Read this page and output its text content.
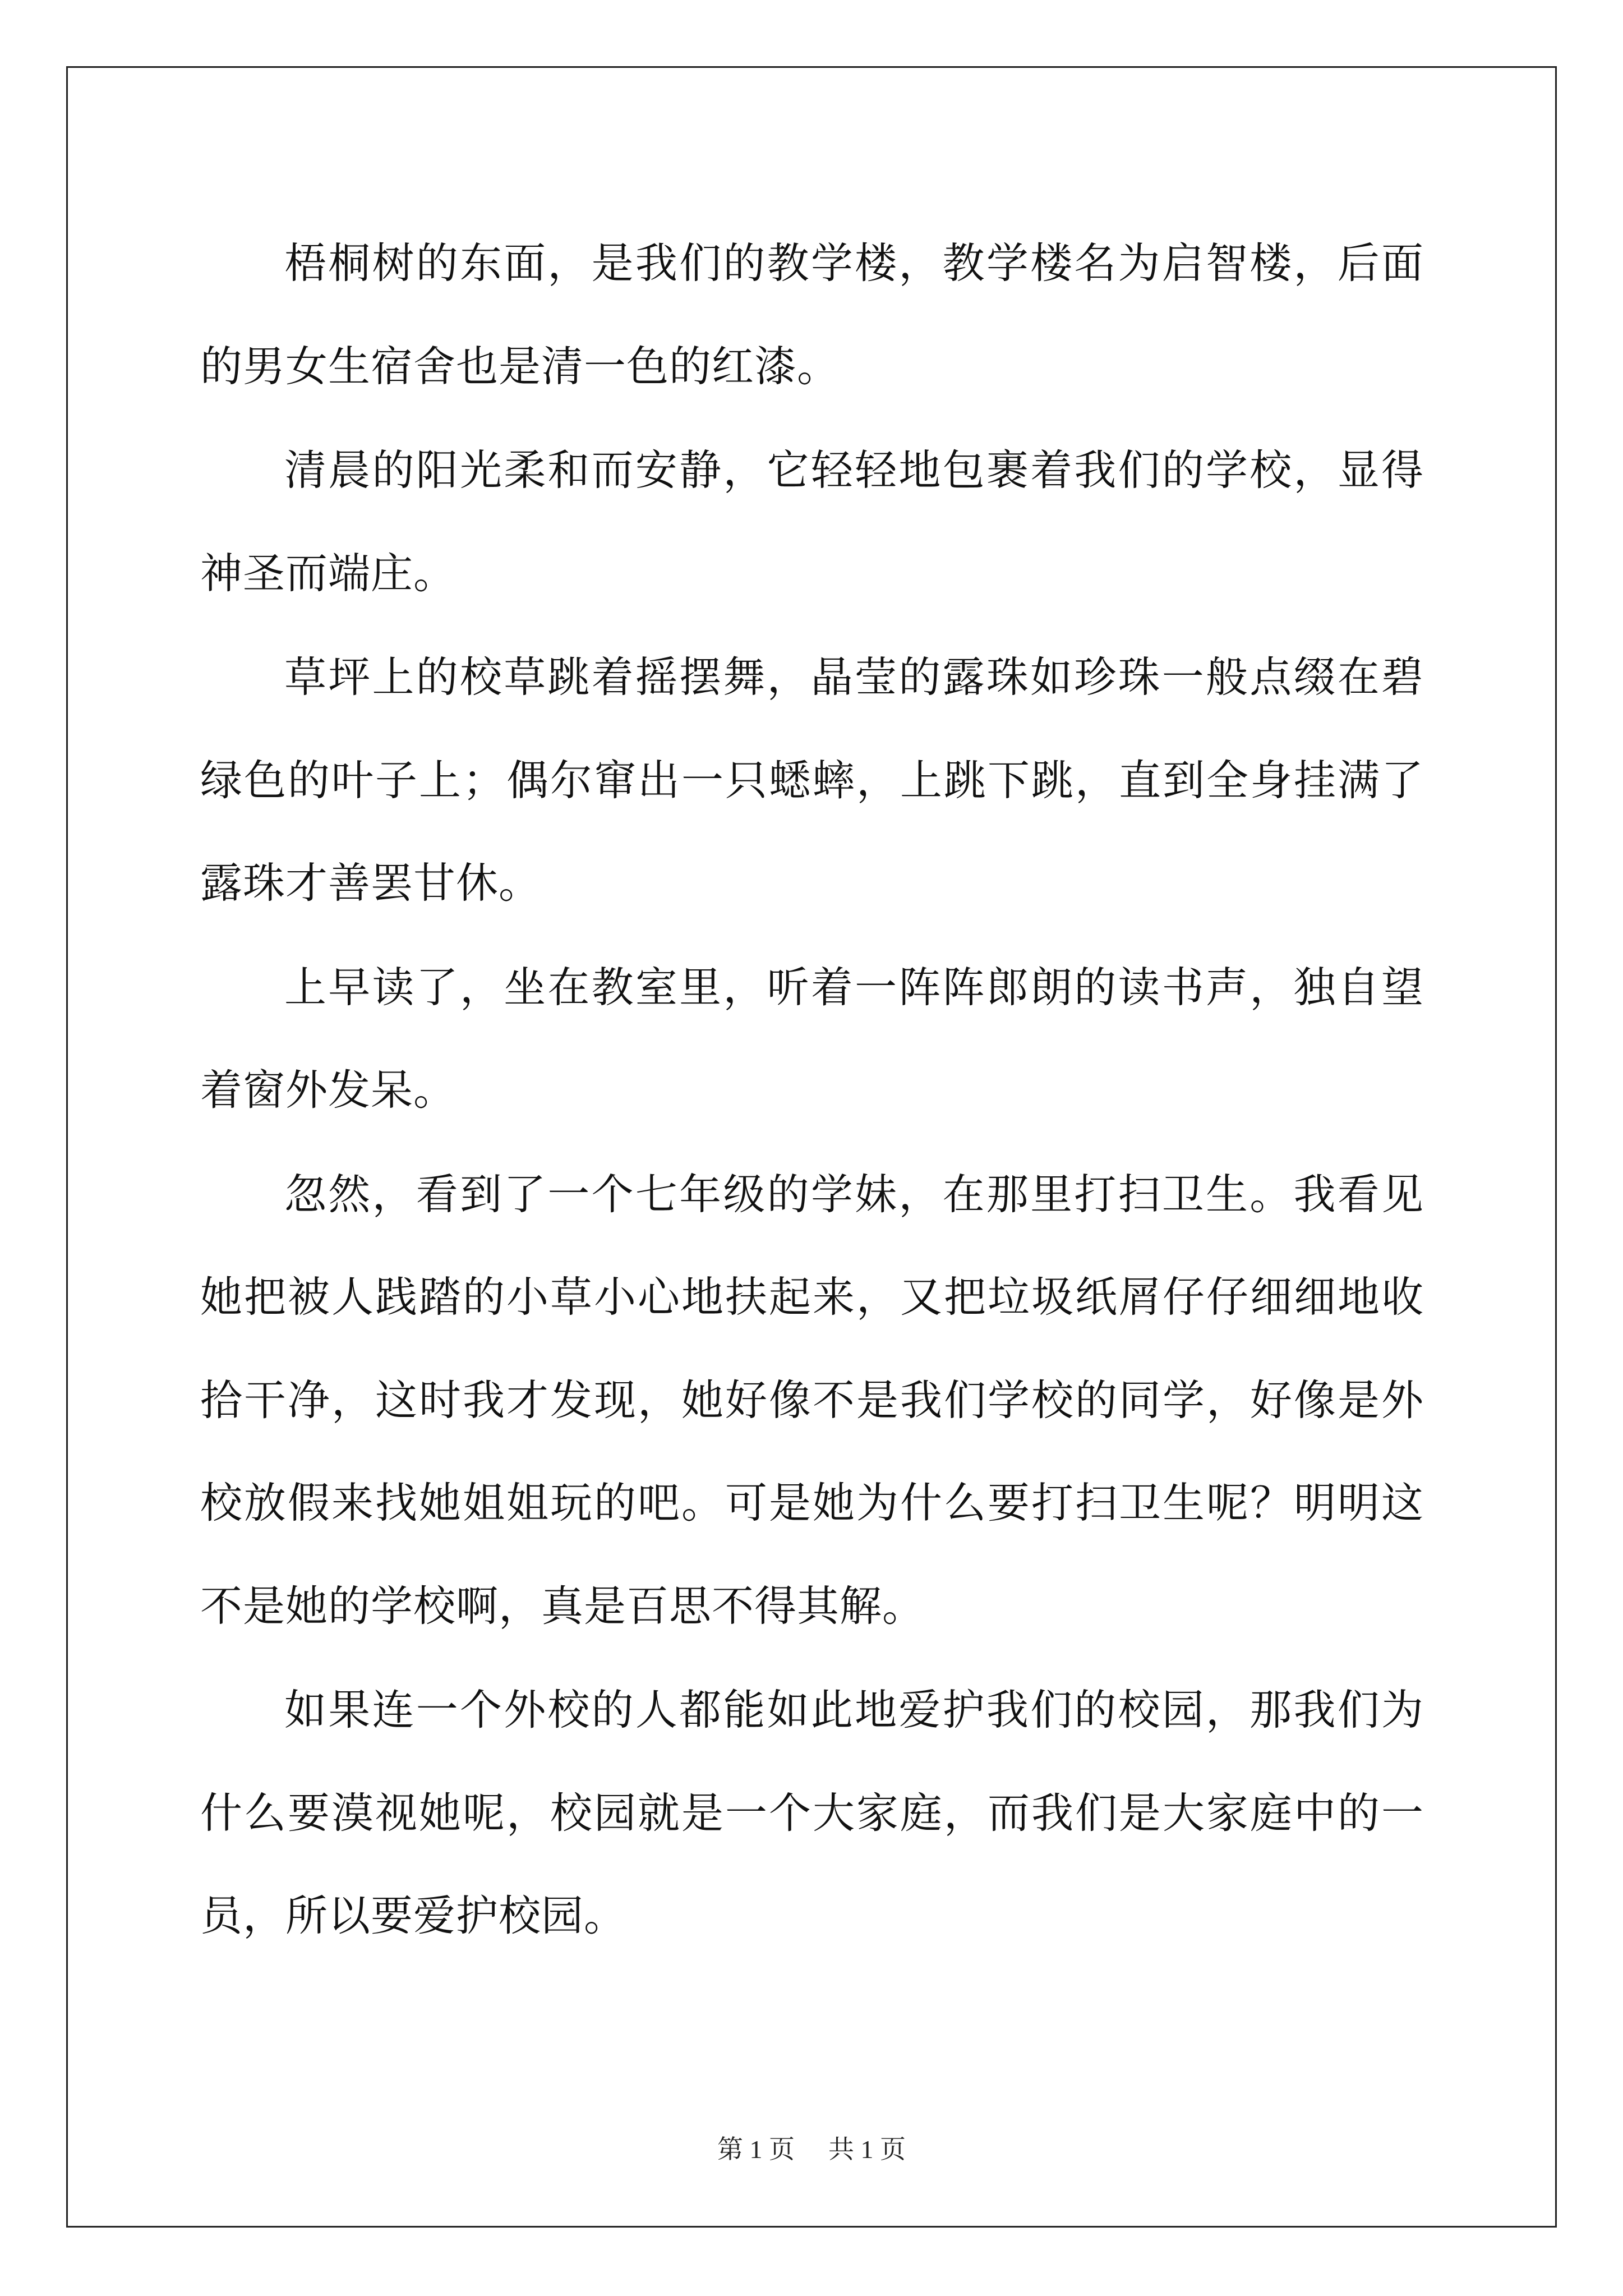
梧桐树的东面，是我们的教学楼，教学楼名为启智楼，后面的男女生宿舍也是清一色的红漆。

清晨的阳光柔和而安静，它轻轻地包裹着我们的学校，显得神圣而端庄。

草坪上的校草跳着摇摆舞，晶莹的露珠如珍珠一般点缀在碧绿色的叶子上；偶尔窜出一只蟋蟀，上跳下跳，直到全身挂满了露珠才善罢甘休。

上早读了，坐在教室里，听着一阵阵郎朗的读书声，独自望着窗外发呆。

忽然，看到了一个七年级的学妹，在那里打扫卫生。我看见她把被人践踏的小草小心地扶起来，又把垃圾纸屑仔仔细细地收拾干净，这时我才发现，她好像不是我们学校的同学，好像是外校放假来找她姐姐玩的吧。可是她为什么要打扫卫生呢？明明这不是她的学校啊，真是百思不得其解。

如果连一个外校的人都能如此地爱护我们的校园，那我们为什么要漠视她呢，校园就是一个大家庭，而我们是大家庭中的一员，所以要爱护校园。

第 1 页 共 1 页
